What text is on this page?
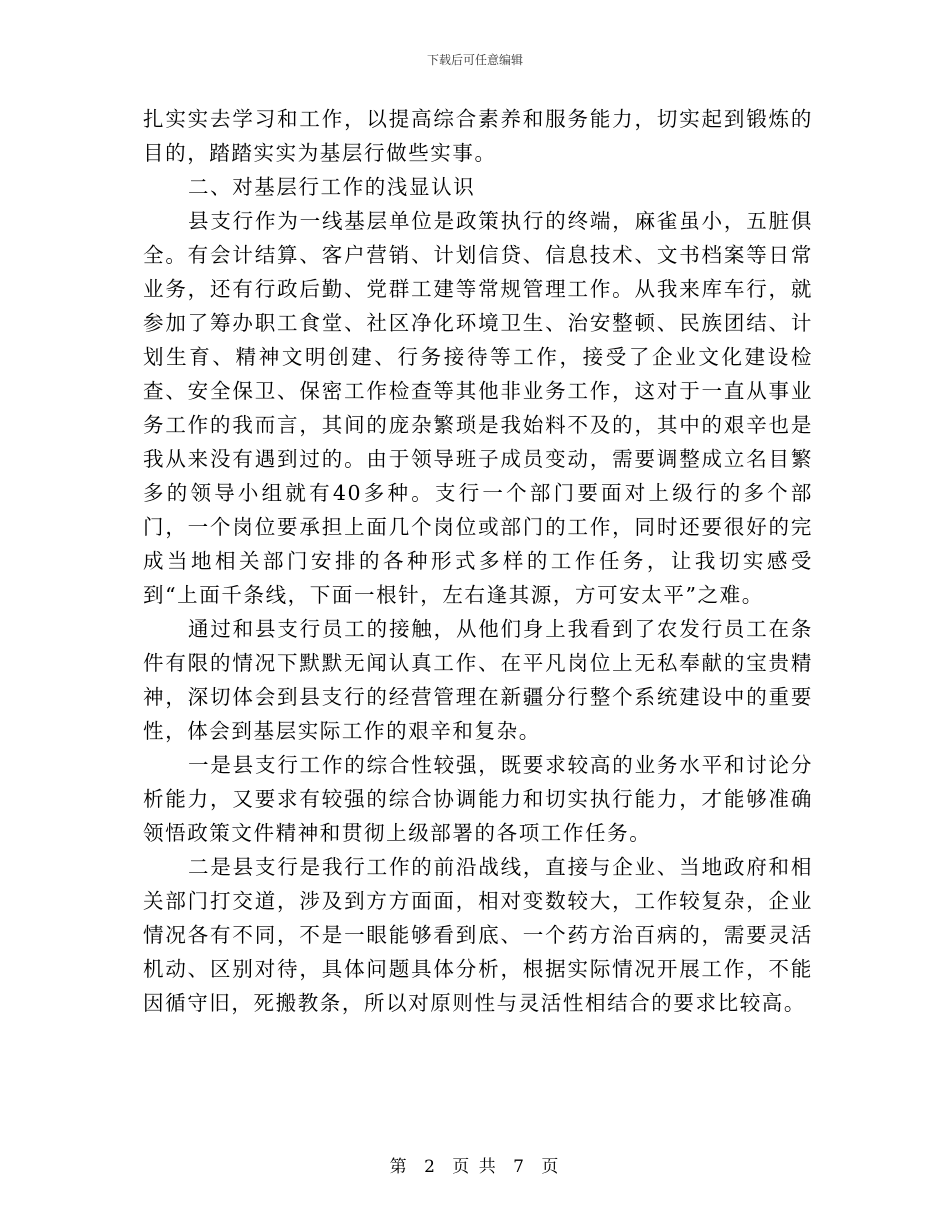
下载后可任意编辑

扎实实去学习和工作，以提高综合素养和服务能力，切实起到锻炼的目的，踏踏实实为基层行做些实事。

二、对基层行工作的浅显认识

县支行作为一线基层单位是政策执行的终端，麻雀虽小，五脏俱全。有会计结算、客户营销、计划信贷、信息技术、文书档案等日常业务，还有行政后勤、党群工建等常规管理工作。从我来库车行，就参加了筹办职工食堂、社区净化环境卫生、治安整顿、民族团结、计划生育、精神文明创建、行务接待等工作，接受了企业文化建设检查、安全保卫、保密工作检查等其他非业务工作，这对于一直从事业务工作的我而言，其间的庞杂繁琐是我始料不及的，其中的艰辛也是我从来没有遇到过的。由于领导班子成员变动，需要调整成立名目繁多的领导小组就有40多种。支行一个部门要面对上级行的多个部门，一个岗位要承担上面几个岗位或部门的工作，同时还要很好的完成当地相关部门安排的各种形式多样的工作任务，让我切实感受到“上面千条线，下面一根针，左右逢其源，方可安太平”之难。

通过和县支行员工的接触，从他们身上我看到了农发行员工在条件有限的情况下默默无闻认真工作、在平凡岗位上无私奉献的宝贵精神，深切体会到县支行的经营管理在新疆分行整个系统建设中的重要性，体会到基层实际工作的艰辛和复杂。

一是县支行工作的综合性较强，既要求较高的业务水平和讨论分析能力，又要求有较强的综合协调能力和切实执行能力，才能够准确领悟政策文件精神和贯彻上级部署的各项工作任务。

二是县支行是我行工作的前沿战线，直接与企业、当地政府和相关部门打交道，涉及到方方面面，相对变数较大，工作较复杂，企业情况各有不同，不是一眼能够看到底、一个药方治百病的，需要灵活机动、区别对待，具体问题具体分析，根据实际情况开展工作，不能因循守旧，死搬教条，所以对原则性与灵活性相结合的要求比较高。

第 2 页 共 7 页
